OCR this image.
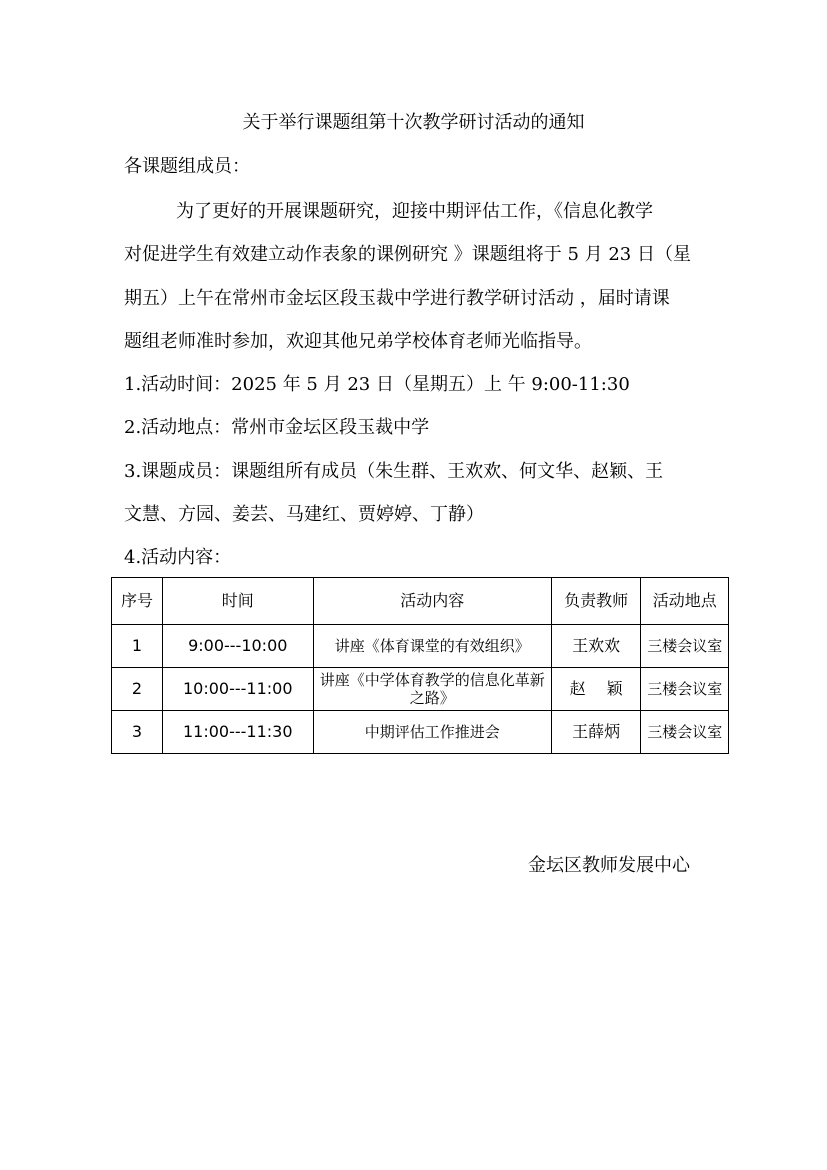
关于举行课题组第十次教学研讨活动的通知
各课题组成员：
为了更好的开展课题研究，迎接中期评估工作，《信息化教学
对促进学生有效建立动作表象的课例研究 》课题组将于 5 月 23 日（星
期五）上午在常州市金坛区段玉裁中学进行教学研讨活动 ，届时请课
题组老师准时参加，欢迎其他兄弟学校体育老师光临指导。
1.活动时间：2025 年 5 月 23 日（星期五）上 午 9:00-11:30
2.活动地点：常州市金坛区段玉裁中学
3.课题成员：课题组所有成员（朱生群、王欢欢、何文华、赵颖、王
文慧、方园、姜芸、马建红、贾婷婷、丁静）
4.活动内容：
序号	时间	活动内容	负责教师	活动地点
1	9:00---10:00	讲座《体育课堂的有效组织》	王欢欢	三楼会议室
2	10:00---11:00	讲座《中学体育教学的信息化革新之路》	赵　 颖	三楼会议室
3	11:00---11:30	中期评估工作推进会	王薛炳	三楼会议室
金坛区教师发展中心
